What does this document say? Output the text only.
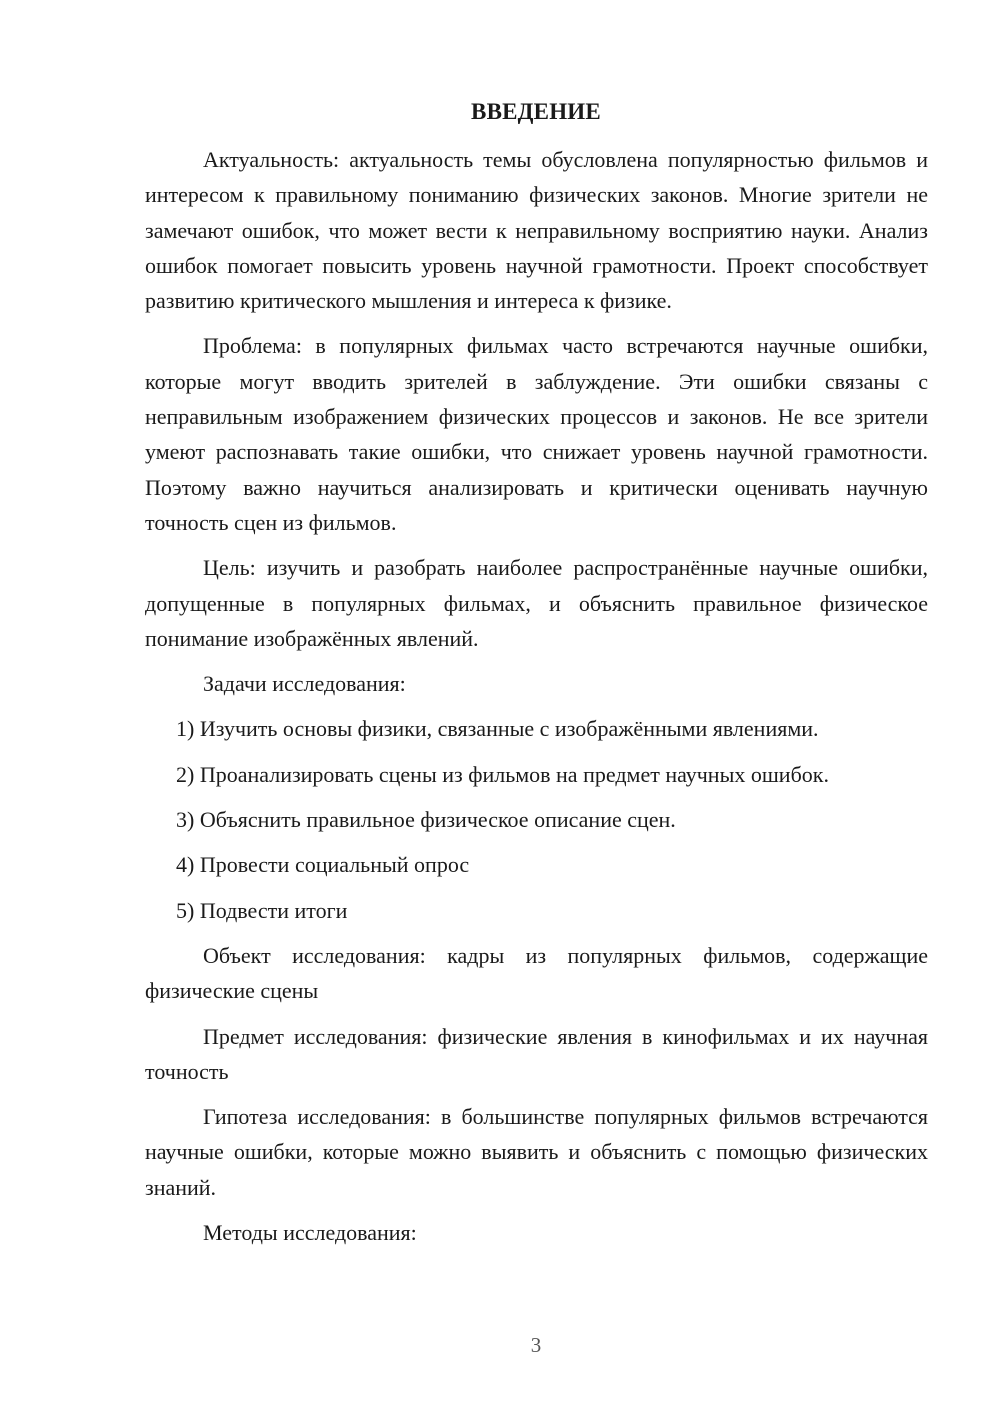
ВВЕДЕНИЕ

Актуальность: актуальность темы обусловлена популярностью фильмов и интересом к правильному пониманию физических законов. Многие зрители не замечают ошибок, что может вести к неправильному восприятию науки. Анализ ошибок помогает повысить уровень научной грамотности. Проект способствует развитию критического мышления и интереса к физике.

Проблема: в популярных фильмах часто встречаются научные ошибки, которые могут вводить зрителей в заблуждение. Эти ошибки связаны с неправильным изображением физических процессов и законов. Не все зрители умеют распознавать такие ошибки, что снижает уровень научной грамотности. Поэтому важно научиться анализировать и критически оценивать научную точность сцен из фильмов.

Цель: изучить и разобрать наиболее распространённые научные ошибки, допущенные в популярных фильмах, и объяснить правильное физическое понимание изображённых явлений.

Задачи исследования:

1) Изучить основы физики, связанные с изображёнными явлениями.

2) Проанализировать сцены из фильмов на предмет научных ошибок.

3) Объяснить правильное физическое описание сцен.

4) Провести социальный опрос

5) Подвести итоги

Объект исследования: кадры из популярных фильмов, содержащие физические сцены

Предмет исследования: физические явления в кинофильмах и их научная точность

Гипотеза исследования: в большинстве популярных фильмов встречаются научные ошибки, которые можно выявить и объяснить с помощью физических знаний.

Методы исследования:

3
